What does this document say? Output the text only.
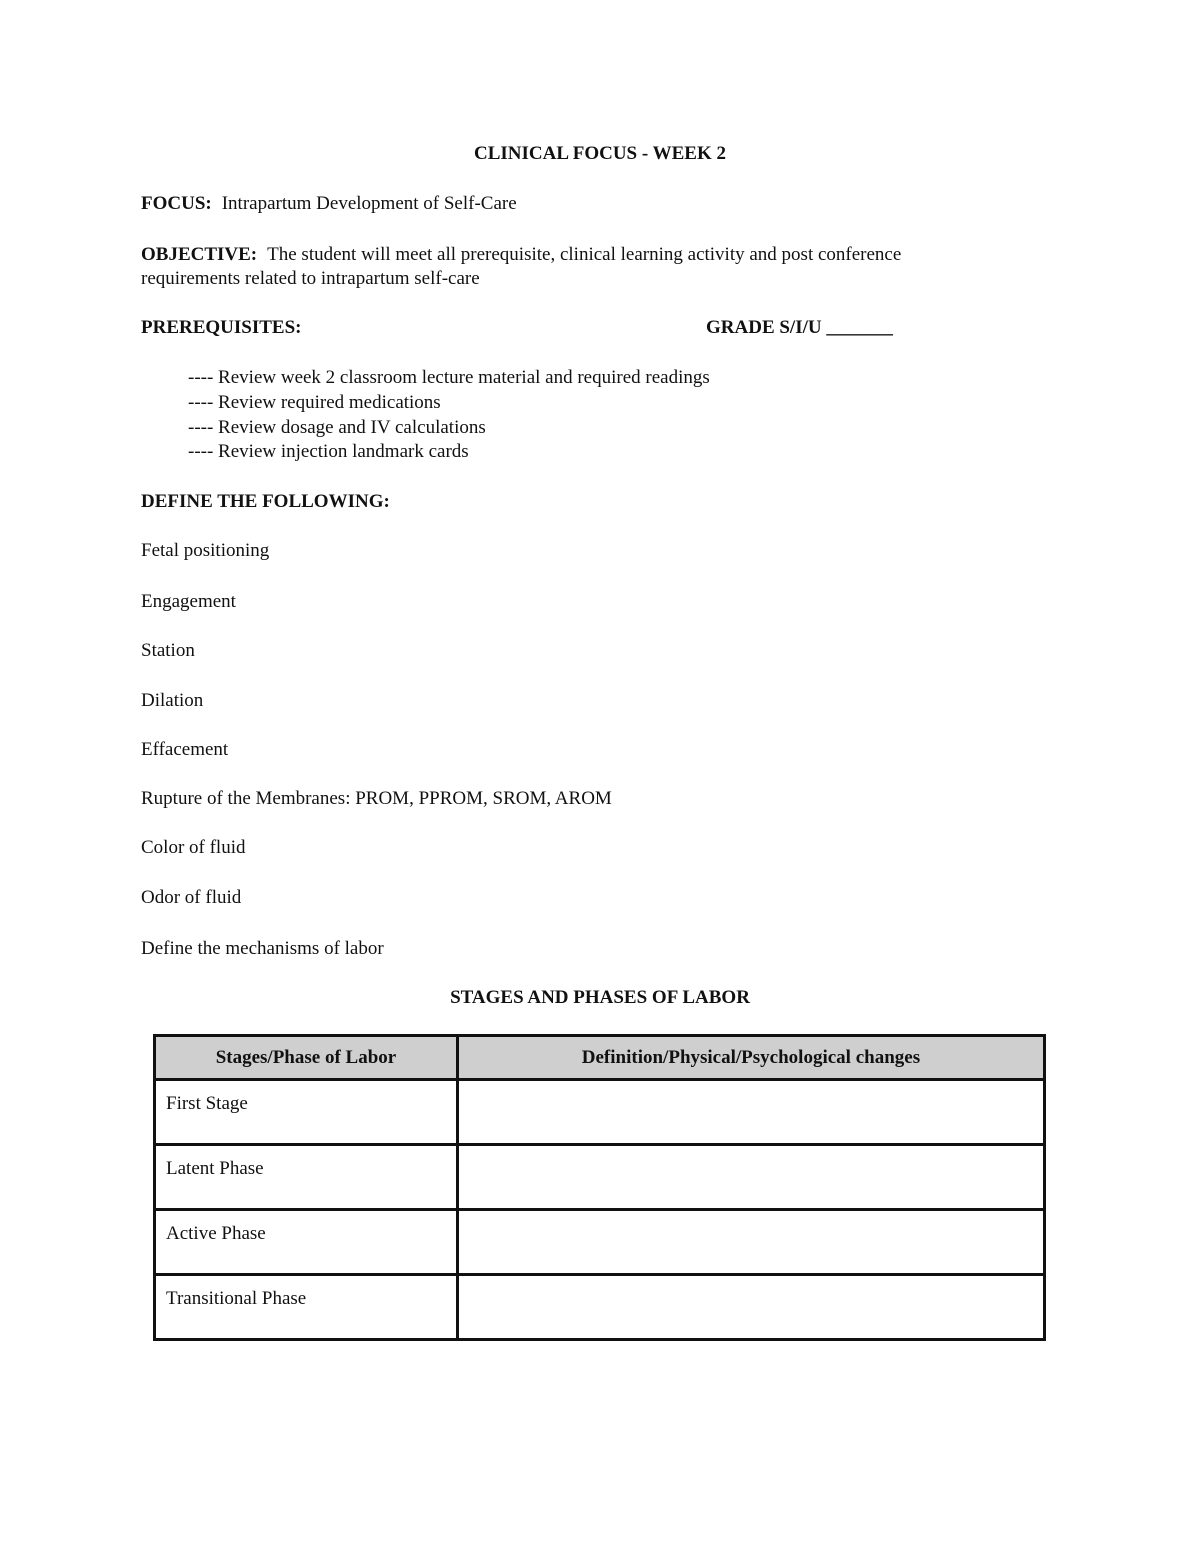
CLINICAL FOCUS - WEEK 2
FOCUS: Intrapartum Development of Self-Care
OBJECTIVE: The student will meet all prerequisite, clinical learning activity and post conference
requirements related to intrapartum self-care
PREREQUISITES:	GRADE S/I/U _______
---- Review week 2 classroom lecture material and required readings
---- Review required medications
---- Review dosage and IV calculations
---- Review injection landmark cards
DEFINE THE FOLLOWING:
Fetal positioning
Engagement
Station
Dilation
Effacement
Rupture of the Membranes: PROM, PPROM, SROM, AROM
Color of fluid
Odor of fluid
Define the mechanisms of labor
STAGES AND PHASES OF LABOR
Stages/Phase of Labor	Definition/Physical/Psychological changes
First Stage	
Latent Phase	
Active Phase	
Transitional Phase	
